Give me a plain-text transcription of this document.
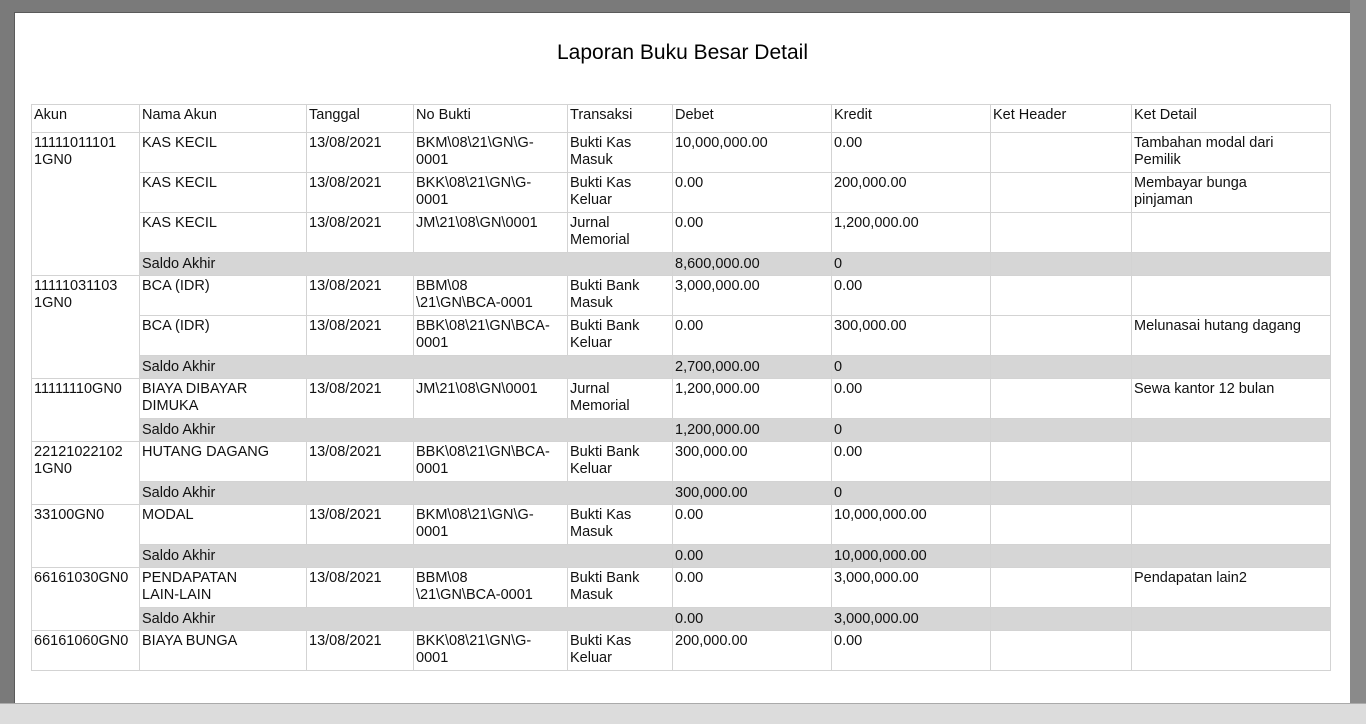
Laporan Buku Besar Detail
Akun	Nama Akun	Tanggal	No Bukti	Transaksi	Debet	Kredit	Ket Header	Ket Detail
11111011101
1GN0	KAS KECIL	13/08/2021	BKM\08\21\GN\G-
0001	Bukti Kas
Masuk	10,000,000.00	0.00		Tambahan modal dari
Pemilik
	KAS KECIL	13/08/2021	BKK\08\21\GN\G-
0001	Bukti Kas
Keluar	0.00	200,000.00		Membayar bunga
pinjaman
	KAS KECIL	13/08/2021	JM\21\08\GN\0001	Jurnal
Memorial	0.00	1,200,000.00		
	Saldo Akhir				8,600,000.00	0		
11111031103
1GN0	BCA (IDR)	13/08/2021	BBM\08
\21\GN\BCA-0001	Bukti Bank
Masuk	3,000,000.00	0.00		
	BCA (IDR)	13/08/2021	BBK\08\21\GN\BCA-
0001	Bukti Bank
Keluar	0.00	300,000.00		Melunasai hutang dagang
	Saldo Akhir				2,700,000.00	0		
11111110GN0	BIAYA DIBAYAR
DIMUKA	13/08/2021	JM\21\08\GN\0001	Jurnal
Memorial	1,200,000.00	0.00		Sewa kantor 12 bulan
	Saldo Akhir				1,200,000.00	0		
22121022102
1GN0	HUTANG DAGANG	13/08/2021	BBK\08\21\GN\BCA-
0001	Bukti Bank
Keluar	300,000.00	0.00		
	Saldo Akhir				300,000.00	0		
33100GN0	MODAL	13/08/2021	BKM\08\21\GN\G-
0001	Bukti Kas
Masuk	0.00	10,000,000.00		
	Saldo Akhir				0.00	10,000,000.00		
66161030GN0	PENDAPATAN
LAIN-LAIN	13/08/2021	BBM\08
\21\GN\BCA-0001	Bukti Bank
Masuk	0.00	3,000,000.00		Pendapatan lain2
	Saldo Akhir				0.00	3,000,000.00		
66161060GN0	BIAYA BUNGA	13/08/2021	BKK\08\21\GN\G-
0001	Bukti Kas
Keluar	200,000.00	0.00		
